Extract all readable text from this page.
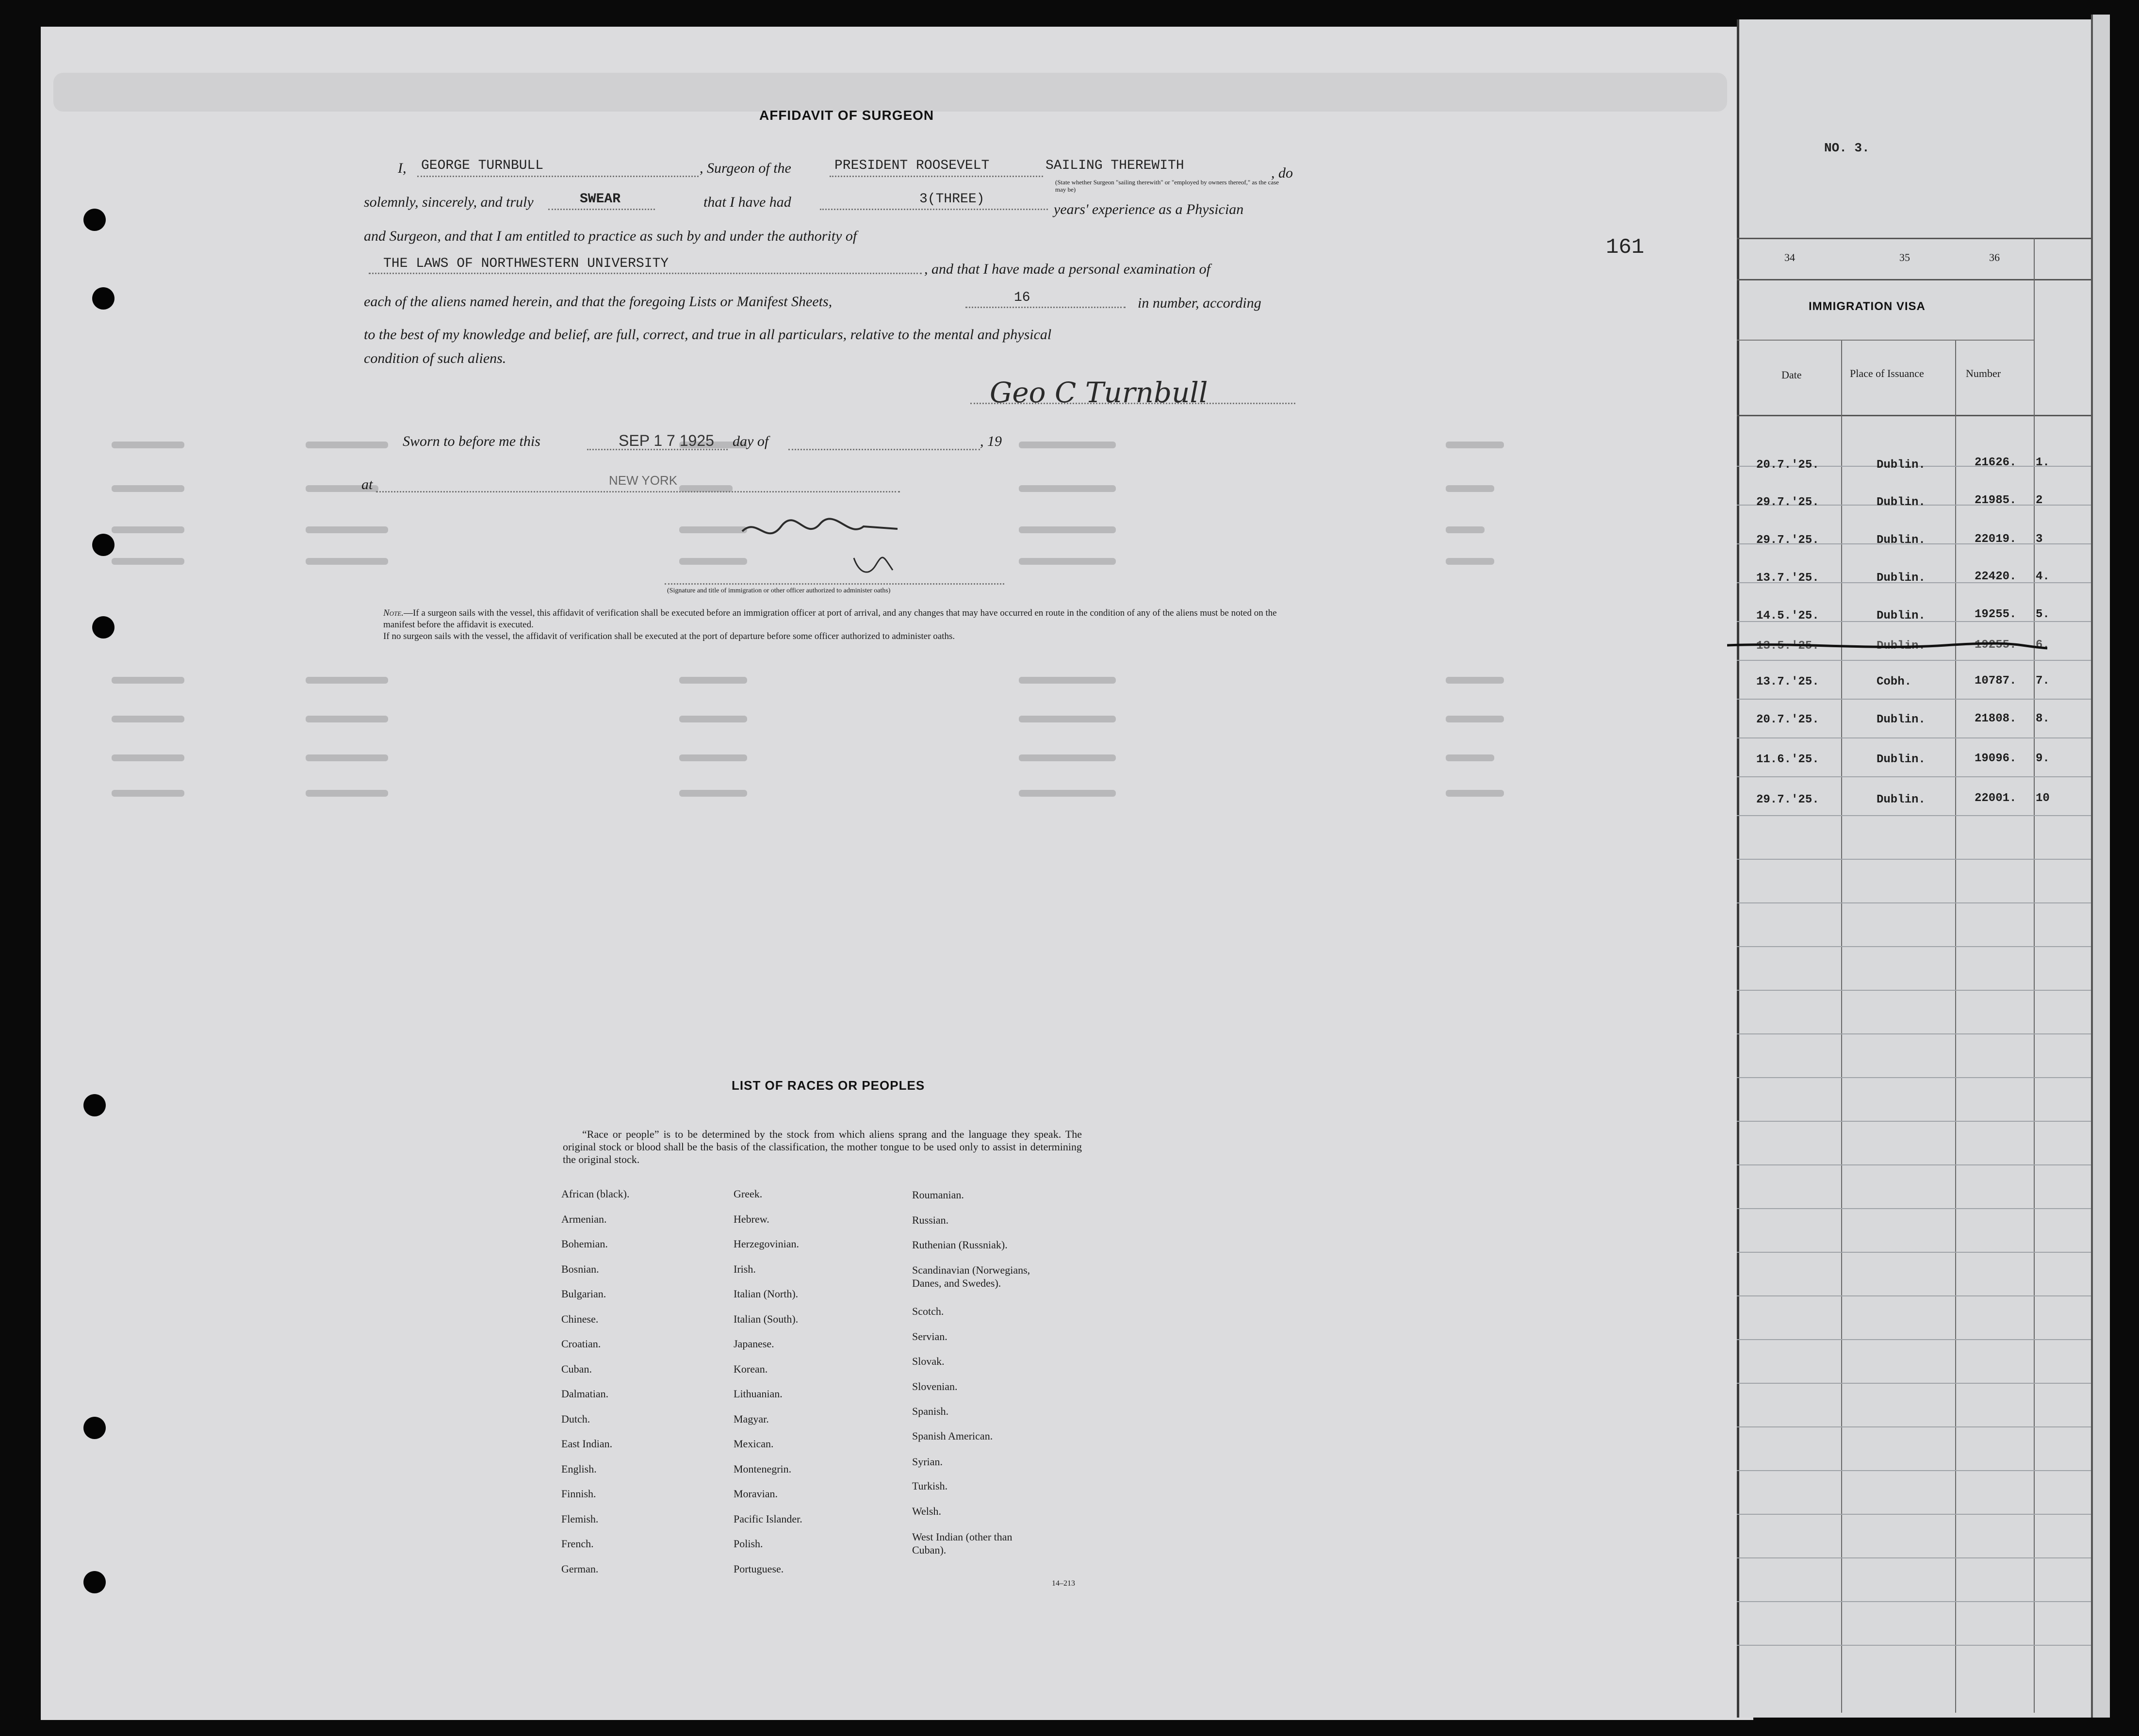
AFFIDAVIT OF SURGEON
I, GEORGE TURNBULL	, Surgeon of the	PRESIDENT ROOSEVELT	SAILING THEREWITH
(State whether Surgeon "sailing therewith" or "employed by owners thereof," as the case may be)
, do
solemnly, sincerely, and truly	SWEAR	that I have had	3(THREE)
years' experience as a Physician
and Surgeon, and that I am entitled to practice as such by and under the authority of
THE LAWS OF NORTHWESTERN UNIVERSITY	, and that I have made a personal examination of
each of the aliens named herein, and that the foregoing Lists or Manifest Sheets,	16	in number, according
to the best of my knowledge and belief, are full, correct, and true in all particulars, relative to the mental and physical
condition of such aliens.
Geo C Turnbull
Sworn to before me this	SEP 1 7 1925 day of	, 19
at	NEW YORK
(Signature and title of immigration or other officer authorized to administer oaths)
Note.—If a surgeon sails with the vessel, this affidavit of verification shall be executed before an immigration officer at port of arrival, and any changes that may have occurred en route in the condition of any of the aliens must be noted on the manifest before the affidavit is executed.
If no surgeon sails with the vessel, the affidavit of verification shall be executed at the port of departure before some officer authorized to administer oaths.
161
NO. 3.
34	35	36
IMMIGRATION VISA
Date	Place of Issuance	Number
20.7.'25.	Dublin.	21626. 1.
29.7.'25.	Dublin.	21985. 2
29.7.'25.	Dublin.	22019. 3
13.7.'25.	Dublin.	22420. 4.
14.5.'25.	Dublin.	19255. 5.
13.5.'25.	Dublin.	19255. 6.
13.7.'25.	Cobh.	10787. 7.
20.7.'25.	Dublin.	21808. 8.
11.6.'25.	Dublin.	19096. 9.
29.7.'25.	Dublin.	22001. 10
LIST OF RACES OR PEOPLES
“Race or people” is to be determined by the stock from which aliens sprang and the language they speak. The original stock or blood shall be the basis of the classification, the mother tongue to be used only to assist in determining the original stock.
African (black).
Armenian.
Bohemian.
Bosnian.
Bulgarian.
Chinese.
Croatian.
Cuban.
Dalmatian.
Dutch.
East Indian.
English.
Finnish.
Flemish.
French.
German.
Greek.
Hebrew.
Herzegovinian.
Irish.
Italian (North).
Italian (South).
Japanese.
Korean.
Lithuanian.
Magyar.
Mexican.
Montenegrin.
Moravian.
Pacific Islander.
Polish.
Portuguese.
Roumanian.
Russian.
Ruthenian (Russniak).
Scandinavian (Norwegians,
Danes, and Swedes).
Scotch.
Servian.
Slovak.
Slovenian.
Spanish.
Spanish American.
Syrian.
Turkish.
Welsh.
West Indian (other than
Cuban).
14–213
